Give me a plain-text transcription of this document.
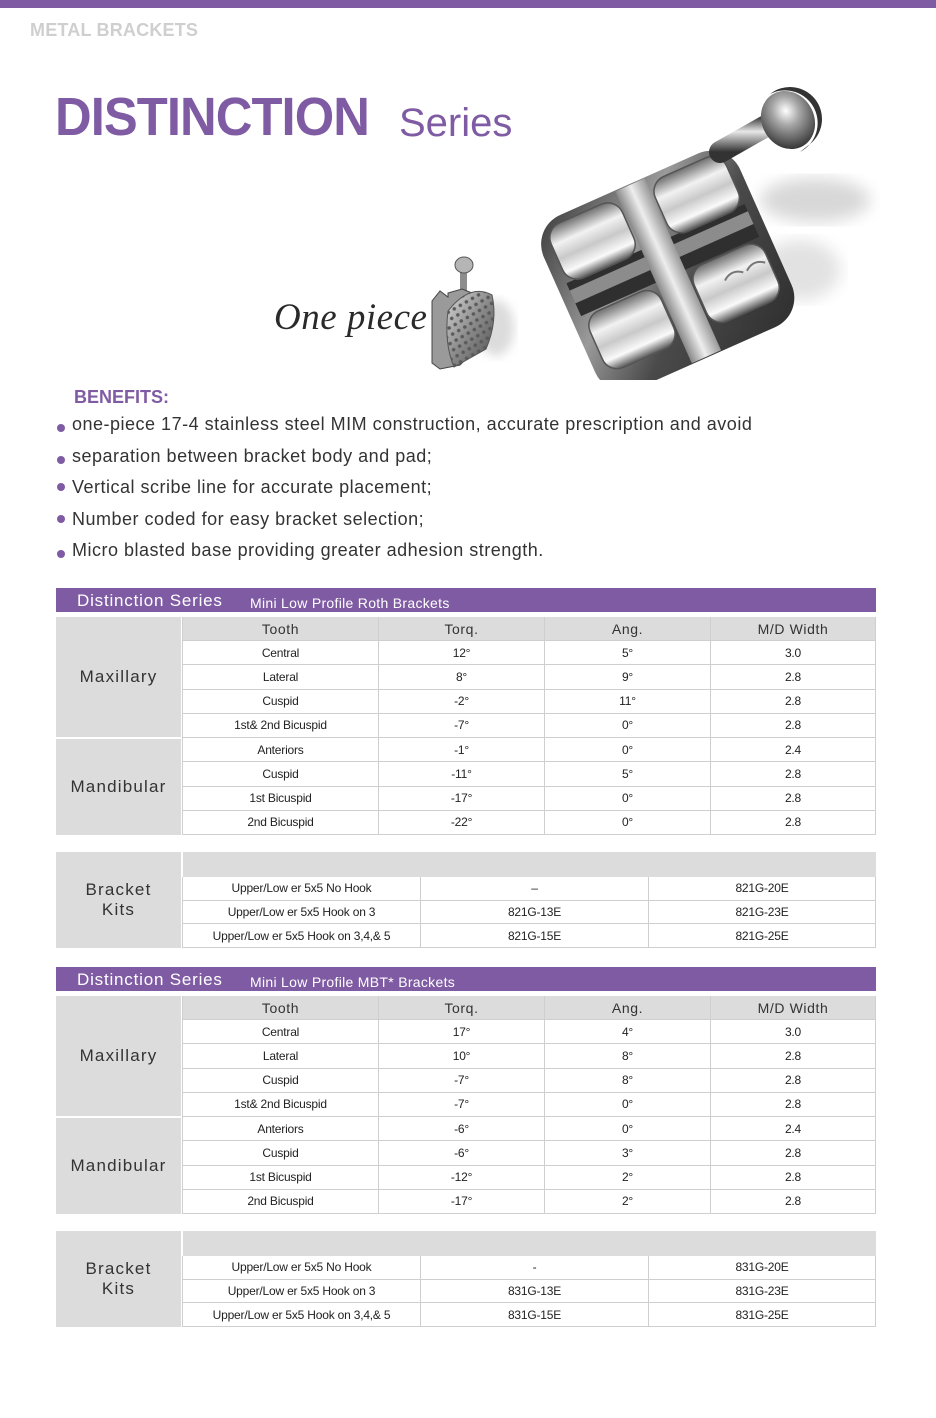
METAL BRACKETS
DISTINCTION Series
One piece
BENEFITS:
one-piece 17-4 stainless steel MIM construction, accurate prescription and avoid
separation between bracket body and pad;
Vertical scribe line for accurate placement;
Number coded for easy bracket selection;
Micro blasted base providing greater adhesion strength.
Distinction Series Mini Low Profile Roth Brackets
Tooth	Torq.	Ang.	M/D Width
Maxillary
Central	12°	5°	3.0
Lateral	8°	9°	2.8
Cuspid	-2°	11°	2.8
1st& 2nd Bicuspid	-7°	0°	2.8
Mandibular
Anteriors	-1°	0°	2.4
Cuspid	-11°	5°	2.8
1st Bicuspid	-17°	0°	2.8
2nd Bicuspid	-22°	0°	2.8
Bracket Kits
Upper/Low er 5x5 No Hook	–	821G-20E
Upper/Low er 5x5 Hook on 3	821G-13E	821G-23E
Upper/Low er 5x5 Hook on 3,4,& 5	821G-15E	821G-25E
Distinction Series Mini Low Profile MBT* Brackets
Tooth	Torq.	Ang.	M/D Width
Maxillary
Central	17°	4°	3.0
Lateral	10°	8°	2.8
Cuspid	-7°	8°	2.8
1st& 2nd Bicuspid	-7°	0°	2.8
Mandibular
Anteriors	-6°	0°	2.4
Cuspid	-6°	3°	2.8
1st Bicuspid	-12°	2°	2.8
2nd Bicuspid	-17°	2°	2.8
Bracket Kits
Upper/Low er 5x5 No Hook	-	831G-20E
Upper/Low er 5x5 Hook on 3	831G-13E	831G-23E
Upper/Low er 5x5 Hook on 3,4,& 5	831G-15E	831G-25E
